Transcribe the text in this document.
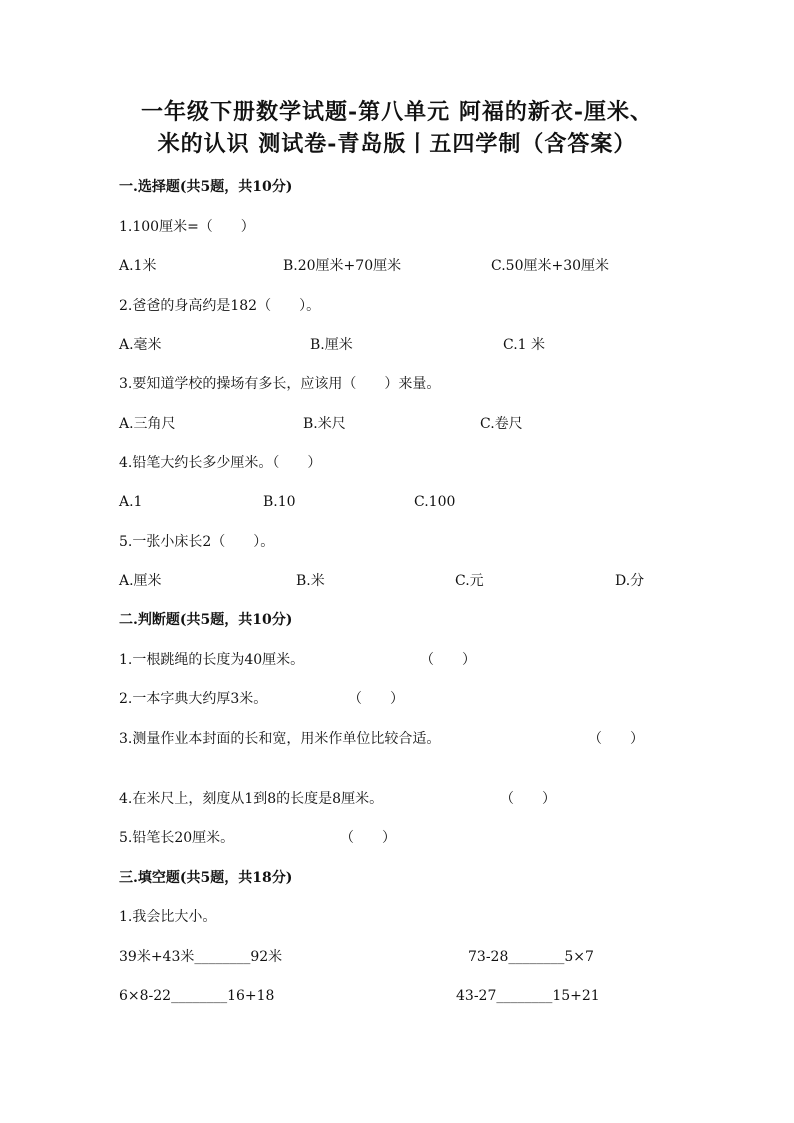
一年级下册数学试题-第八单元 阿福的新衣-厘米、
米的认识 测试卷-青岛版丨五四学制（含答案）
一.选择题(共5题，共10分)
1.100厘米=（　　）
A.1米	B.20厘米+70厘米	C.50厘米+30厘米
2.爸爸的身高约是182（　　）。
A.毫米	B.厘米	C.1 米
3.要知道学校的操场有多长，应该用（　　）来量。
A.三角尺	B.米尺	C.卷尺
4.铅笔大约长多少厘米。（　　）
A.1	B.10	C.100
5.一张小床长2（　　）。
A.厘米	B.米	C.元	D.分
二.判断题(共5题，共10分)
1.一根跳绳的长度为40厘米。	（　　）
2.一本字典大约厚3米。	（　　）
3.测量作业本封面的长和宽，用米作单位比较合适。	（　　）
4.在米尺上，刻度从1到8的长度是8厘米。	（　　）
5.铅笔长20厘米。	（　　）
三.填空题(共5题，共18分)
1.我会比大小。
39米+43米________92米	73-28________5×7
6×8-22________16+18	43-27________15+21
